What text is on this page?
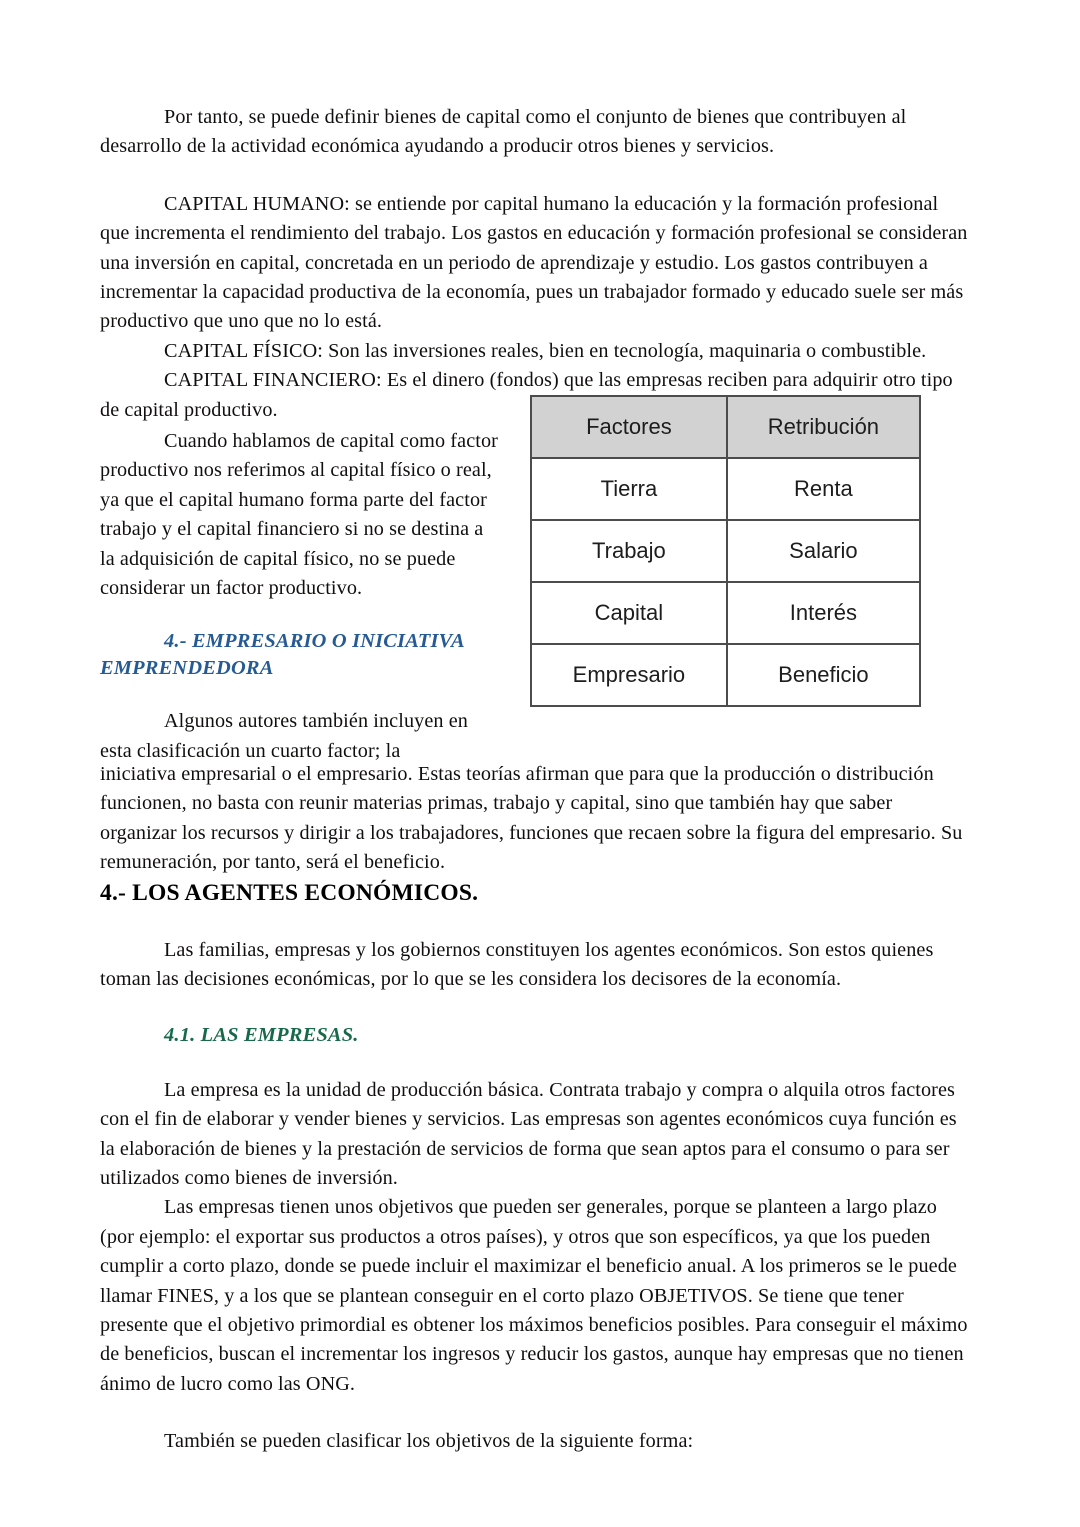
Factores	Retribución
Tierra	Renta
Trabajo	Salario
Capital	Interés
Empresario	Beneficio

Por tanto, se puede definir bienes de capital como el conjunto de bienes que contribuyen al desarrollo de la actividad económica ayudando a producir otros bienes y servicios.

CAPITAL HUMANO: se entiende por capital humano la educación y la formación profesional que incrementa el rendimiento del trabajo. Los gastos en educación y formación profesional se consideran una inversión en capital, concretada en un periodo de aprendizaje y estudio. Los gastos contribuyen a incrementar la capacidad productiva de la economía, pues un trabajador formado y educado suele ser más productivo que uno que no lo está.

CAPITAL FÍSICO: Son las inversiones reales, bien en tecnología, maquinaria o combustible.

CAPITAL FINANCIERO: Es el dinero (fondos) que las empresas reciben para adquirir otro tipo de capital productivo.

Cuando hablamos de capital como factor productivo nos referimos al capital físico o real, ya que el capital humano forma parte del factor trabajo y el capital financiero si no se destina a la adquisición de capital físico, no se puede considerar un factor productivo.

4.- EMPRESARIO O INICIATIVA EMPRENDEDORA

Algunos autores también incluyen en esta clasificación un cuarto factor; la

iniciativa empresarial o el empresario. Estas teorías afirman que para que la producción o distribución funcionen, no basta con reunir materias primas, trabajo y capital, sino que también hay que saber organizar los recursos y dirigir a los trabajadores, funciones que recaen sobre la figura del empresario. Su remuneración, por tanto, será el beneficio.

4.- LOS AGENTES ECONÓMICOS.

Las familias, empresas y los gobiernos constituyen los agentes económicos. Son estos quienes toman las decisiones económicas, por lo que se les considera los decisores de la economía.

4.1. LAS EMPRESAS.

La empresa es la unidad de producción básica. Contrata trabajo y compra o alquila otros factores con el fin de elaborar y vender bienes y servicios. Las empresas son agentes económicos cuya función es la elaboración de bienes y la prestación de servicios de forma que sean aptos para el consumo o para ser utilizados como bienes de inversión.

Las empresas tienen unos objetivos que pueden ser generales, porque se planteen a largo plazo (por ejemplo: el exportar sus productos a otros países), y otros que son específicos, ya que los pueden cumplir a corto plazo, donde se puede incluir el maximizar el beneficio anual. A los primeros se le puede llamar FINES, y a los que se plantean conseguir en el corto plazo OBJETIVOS. Se tiene que tener presente que el objetivo primordial es obtener los máximos beneficios posibles. Para conseguir el máximo de beneficios, buscan el incrementar los ingresos y reducir los gastos, aunque hay empresas que no tienen ánimo de lucro como las ONG.

También se pueden clasificar los objetivos de la siguiente forma:
